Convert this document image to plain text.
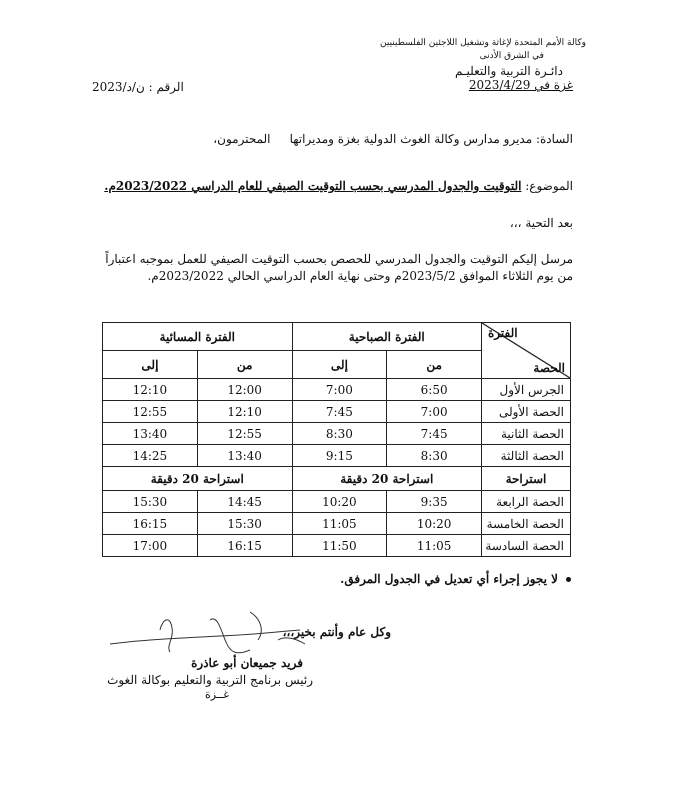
وكالة الأمم المتحدة لإغاثة وتشغيل اللاجئين الفلسطينيين
في الشرق الأدنى
دائـرة التربية والتعليـم
غزة في 2023/4/29
الرقم : ن/د/2023
السادة: مديرو مدارس وكالة الغوث الدولية بغزة ومديراتها     المحترمون،
الموضوع: التوقيت والجدول المدرسي بحسب التوقيت الصيفي للعام الدراسي 2023/2022م.
بعد التحية ،،،
مرسل إليكم التوقيت والجدول المدرسي للحصص بحسب التوقيت الصيفي للعمل بموجبه اعتباراً من يوم الثلاثاء الموافق 2023/5/2م وحتى نهاية العام الدراسي الحالي 2023/2022م.
الفترة
الحصة	الفترة الصباحية		الفترة المسائية	
	من	إلى	من	إلى
الجرس الأول	6:50	7:00	12:00	12:10
الحصة الأولى	7:00	7:45	12:10	12:55
الحصة الثانية	7:45	8:30	12:55	13:40
الحصة الثالثة	8:30	9:15	13:40	14:25
استراحة	استراحة 20 دقيقة		استراحة 20 دقيقة	
الحصة الرابعة	9:35	10:20	14:45	15:30
الحصة الخامسة	10:20	11:05	15:30	16:15
الحصة السادسة	11:05	11:50	16:15	17:00
لا يجوز إجراء أي تعديل في الجدول المرفق.
وكل عام وأنتم بخير،،،
فريد جميعان أبو عاذرة
رئيس برنامج التربية والتعليم بوكالة الغوث
غــزة
